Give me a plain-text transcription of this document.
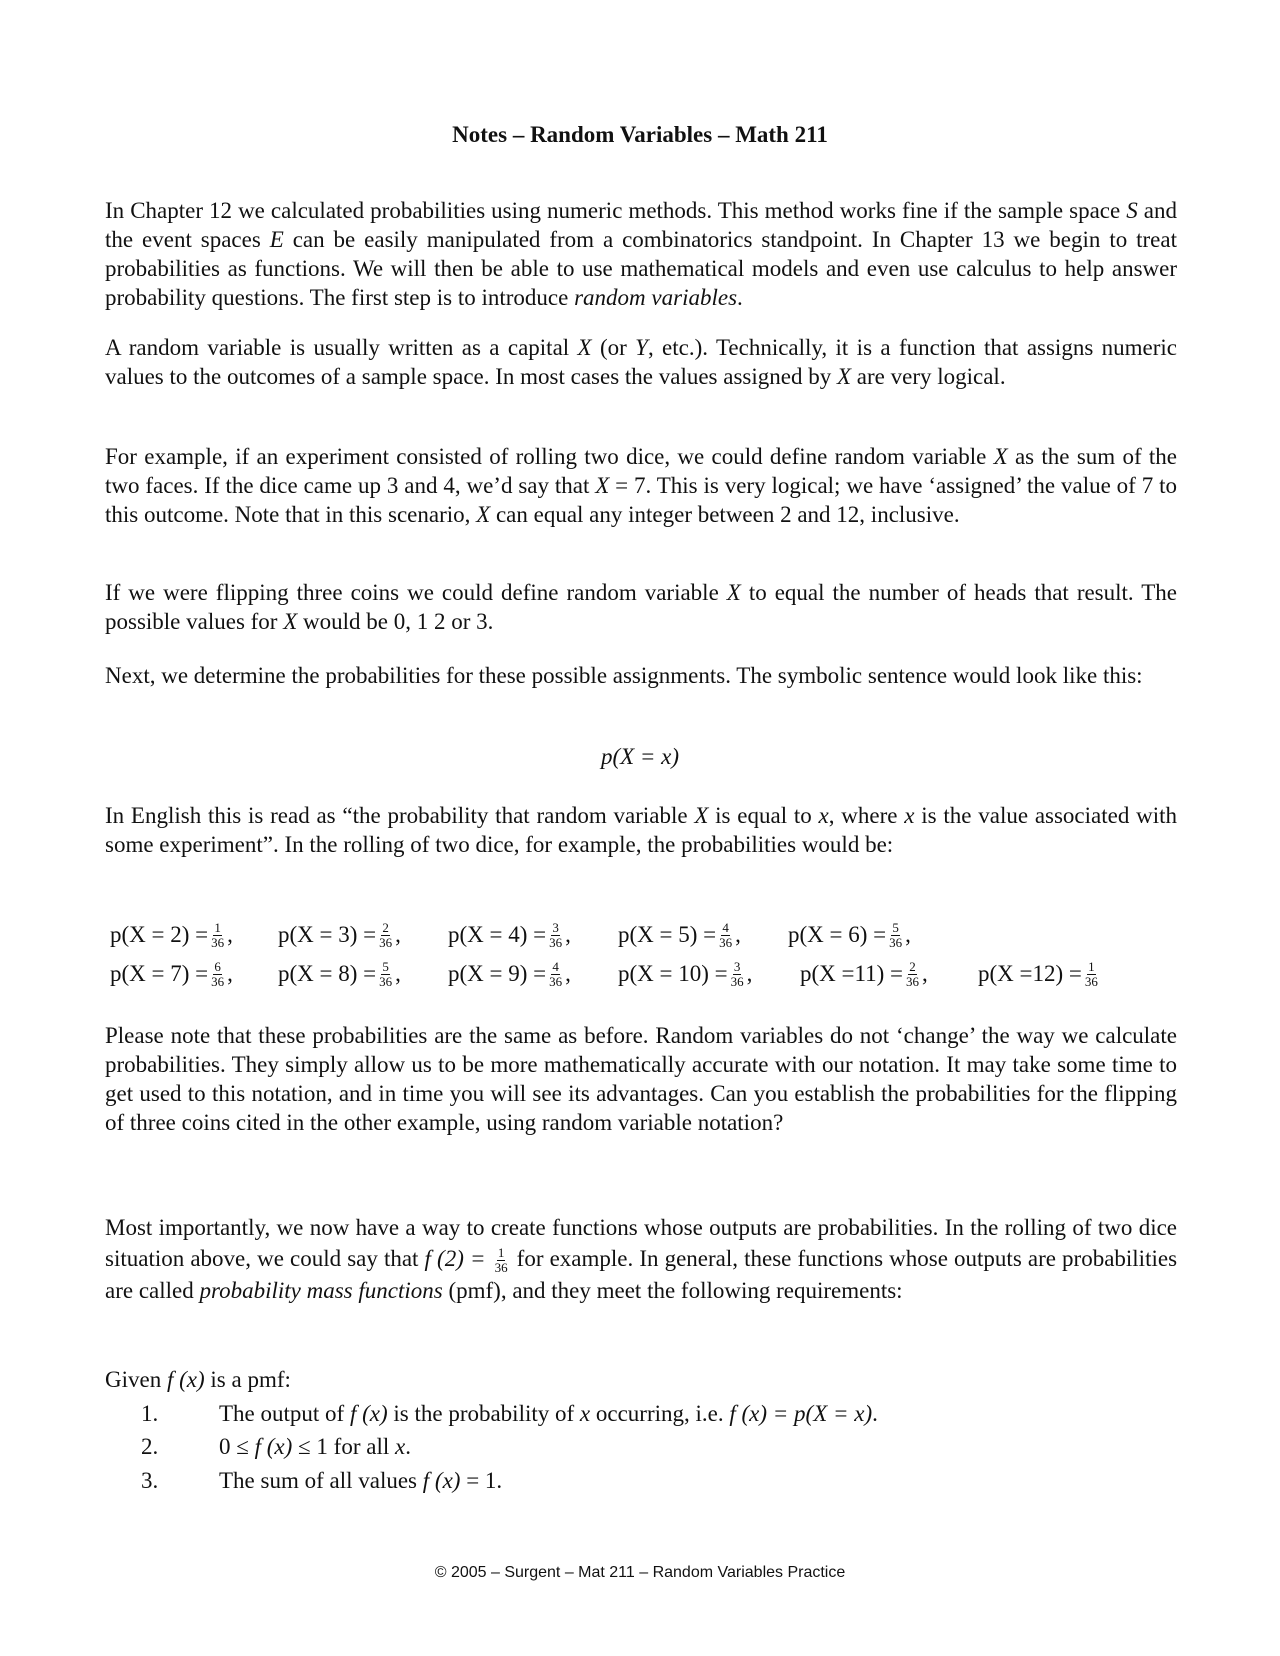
Notes – Random Variables – Math 211

In Chapter 12 we calculated probabilities using numeric methods. This method works fine if the sample space S and the event spaces E can be easily manipulated from a combinatorics standpoint. In Chapter 13 we begin to treat probabilities as functions. We will then be able to use mathematical models and even use calculus to help answer probability questions. The first step is to introduce random variables.

A random variable is usually written as a capital X (or Y, etc.). Technically, it is a function that assigns numeric values to the outcomes of a sample space. In most cases the values assigned by X are very logical.

For example, if an experiment consisted of rolling two dice, we could define random variable X as the sum of the two faces. If the dice came up 3 and 4, we’d say that X = 7. This is very logical; we have ‘assigned’ the value of 7 to this outcome. Note that in this scenario, X can equal any integer between 2 and 12, inclusive.

If we were flipping three coins we could define random variable X to equal the number of heads that result. The possible values for X would be 0, 1 2 or 3.

Next, we determine the probabilities for these possible assignments. The symbolic sentence would look like this:

p(X = x)

In English this is read as “the probability that random variable X is equal to x, where x is the value associated with some experiment”. In the rolling of two dice, for example, the probabilities would be:

$p(X = 2) = \frac{1}{36}$ , $p(X = 3) = \frac{2}{36}$ , $p(X = 4) = \frac{3}{36}$ , $p(X = 5) = \frac{4}{36}$ , $p(X = 6) = \frac{5}{36}$ ,
$p(X = 7) = \frac{6}{36}$ , $p(X = 8) = \frac{5}{36}$ , $p(X = 9) = \frac{4}{36}$ , $p(X = 10) = \frac{3}{36}$ , $p(X =11) = \frac{2}{36}$ , $p(X =12) = \frac{1}{36}$

Please note that these probabilities are the same as before. Random variables do not ‘change’ the way we calculate probabilities. They simply allow us to be more mathematically accurate with our notation. It may take some time to get used to this notation, and in time you will see its advantages. Can you establish the probabilities for the flipping of three coins cited in the other example, using random variable notation?

Most importantly, we now have a way to create functions whose outputs are probabilities. In the rolling of two dice situation above, we could say that f $(2) = \frac{1}{36}$ for example. In general, these functions whose outputs are probabilities are called probability mass functions (pmf), and they meet the following requirements:

Given f (x) is a pmf:
1.	The output of f (x) is the probability of x occurring, i.e. f (x) = p(X = x).
2.	0 ≤ f (x) ≤ 1 for all x.
3.	The sum of all values f (x) = 1.
© 2005 – Surgent – Mat 211 – Random Variables Practice
